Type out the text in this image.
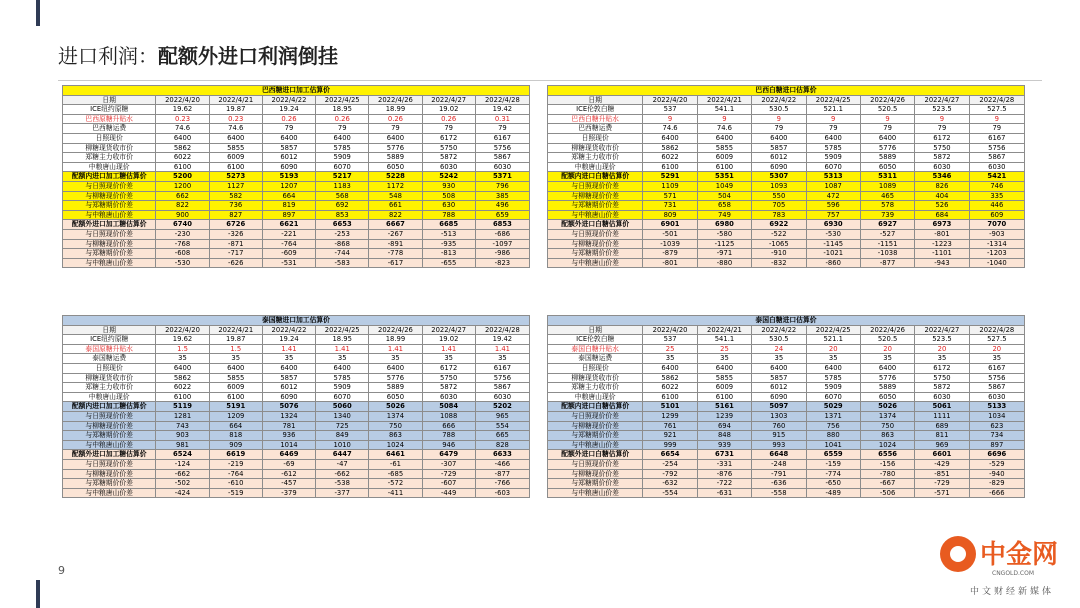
进口利润：配额外进口利润倒挂
巴西糖进口加工估算价							
日期	2022/4/20	2022/4/21	2022/4/22	2022/4/25	2022/4/26	2022/4/27	2022/4/28
ICE纽约原糖	19.62	19.87	19.24	18.95	18.99	19.02	19.42
巴西原糖升贴水	0.23	0.23	0.26	0.26	0.26	0.26	0.31
巴西糖运费	74.6	74.6	79	79	79	79	79
日照现价	6400	6400	6400	6400	6400	6172	6167
柳糖现货收市价	5862	5855	5857	5785	5776	5750	5756
郑糖主力收市价	6022	6009	6012	5909	5889	5872	5867
中粮唐山现价	6100	6100	6090	6070	6050	6030	6030
配额内进口加工糖估算价	5200	5273	5193	5217	5228	5242	5371
与日照现价价差	1200	1127	1207	1183	1172	930	796
与柳糖现价价差	662	582	664	568	548	508	385
与郑糖期价价差	822	736	819	692	661	630	496
与中粮唐山价差	900	827	897	853	822	788	659
配额外进口加工糖估算价	6740	6726	6621	6653	6667	6685	6853
与日照现价价差	-230	-326	-221	-253	-267	-513	-686
与柳糖现价价差	-768	-871	-764	-868	-891	-935	-1097
与郑糖期价价差	-608	-717	-609	-744	-778	-813	-986
与中粮唐山价差	-530	-626	-531	-583	-617	-655	-823
巴西白糖进口估算价							
日期	2022/4/20	2022/4/21	2022/4/22	2022/4/25	2022/4/26	2022/4/27	2022/4/28
ICE伦敦白糖	537	541.1	530.5	521.1	520.5	523.5	527.5
巴西白糖升贴水	9	9	9	9	9	9	9
巴西糖运费	74.6	74.6	79	79	79	79	79
日照现价	6400	6400	6400	6400	6400	6172	6167
柳糖现货收市价	5862	5855	5857	5785	5776	5750	5756
郑糖主力收市价	6022	6009	6012	5909	5889	5872	5867
中粮唐山现价	6100	6100	6090	6070	6050	6030	6030
配额内进口白糖估算价	5291	5351	5307	5313	5311	5346	5421
与日照现价价差	1109	1049	1093	1087	1089	826	746
与柳糖现价价差	571	504	550	472	465	404	335
与郑糖期价价差	731	658	705	596	578	526	446
与中粮唐山价差	809	749	783	757	739	684	609
配额外进口白糖估算价	6901	6980	6922	6930	6927	6973	7070
与日照现价价差	-501	-580	-522	-530	-527	-801	-903
与柳糖现价价差	-1039	-1125	-1065	-1145	-1151	-1223	-1314
与郑糖期价价差	-879	-971	-910	-1021	-1038	-1101	-1203
与中粮唐山价差	-801	-880	-832	-860	-877	-943	-1040
泰国糖进口加工估算价							
日期	2022/4/20	2022/4/21	2022/4/22	2022/4/25	2022/4/26	2022/4/27	2022/4/28
ICE纽约原糖	19.62	19.87	19.24	18.95	18.99	19.02	19.42
泰国原糖升贴水	1.5	1.5	1.41	1.41	1.41	1.41	1.41
泰国糖运费	35	35	35	35	35	35	35
日照现价	6400	6400	6400	6400	6400	6172	6167
柳糖现货收市价	5862	5855	5857	5785	5776	5750	5756
郑糖主力收市价	6022	6009	6012	5909	5889	5872	5867
中粮唐山现价	6100	6100	6090	6070	6050	6030	6030
配额内进口加工糖估算价	5119	5191	5076	5060	5026	5084	5202
与日照现价价差	1281	1209	1324	1340	1374	1088	965
与柳糖现价价差	743	664	781	725	750	666	554
与郑糖期价价差	903	818	936	849	863	788	665
与中粮唐山价差	981	909	1014	1010	1024	946	828
配额外进口加工糖估算价	6524	6619	6469	6447	6461	6479	6633
与日照现价价差	-124	-219	-69	-47	-61	-307	-466
与柳糖现价价差	-662	-764	-612	-662	-685	-729	-877
与郑糖期价价差	-502	-610	-457	-538	-572	-607	-766
与中粮唐山价差	-424	-519	-379	-377	-411	-449	-603
泰国白糖进口估算价							
日期	2022/4/20	2022/4/21	2022/4/22	2022/4/25	2022/4/26	2022/4/27	2022/4/28
ICE伦敦白糖	537	541.1	530.5	521.1	520.5	523.5	527.5
泰国白糖升贴水	25	25	24	20	20	20	20
泰国糖运费	35	35	35	35	35	35	35
日照现价	6400	6400	6400	6400	6400	6172	6167
柳糖现货收市价	5862	5855	5857	5785	5776	5750	5756
郑糖主力收市价	6022	6009	6012	5909	5889	5872	5867
中粮唐山现价	6100	6100	6090	6070	6050	6030	6030
配额内进口白糖估算价	5101	5161	5097	5029	5026	5061	5133
与日照现价价差	1299	1239	1303	1371	1374	1111	1034
与柳糖现价价差	761	694	760	756	750	689	623
与郑糖期价价差	921	848	915	880	863	811	734
与中粮唐山价差	999	939	993	1041	1024	969	897
配额外进口白糖估算价	6654	6731	6648	6559	6556	6601	6696
与日照现价价差	-254	-331	-248	-159	-156	-429	-529
与柳糖现价价差	-792	-876	-791	-774	-780	-851	-940
与郑糖期价价差	-632	-722	-636	-650	-667	-729	-829
与中粮唐山价差	-554	-631	-558	-489	-506	-571	-666
9
中金网
CNGOLD.COM
中文财经新媒体
